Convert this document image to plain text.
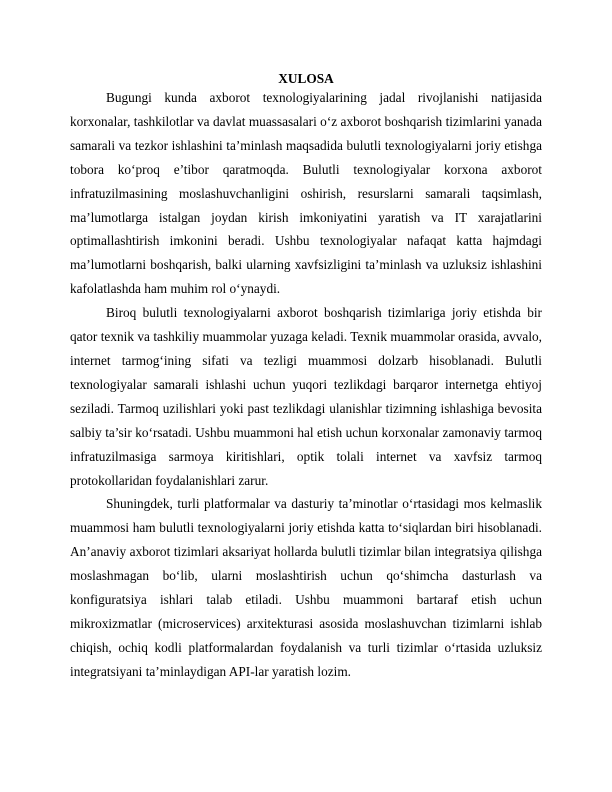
XULOSA

Bugungi kunda axborot texnologiyalarining jadal rivojlanishi natijasida korxonalar, tashkilotlar va davlat muassasalari o‘z axborot boshqarish tizimlarini yanada samarali va tezkor ishlashini ta’minlash maqsadida bulutli texnologiyalarni joriy etishga tobora ko‘proq e’tibor qaratmoqda. Bulutli texnologiyalar korxona axborot infratuzilmasining moslashuvchanligini oshirish, resurslarni samarali taqsimlash, ma’lumotlarga istalgan joydan kirish imkoniyatini yaratish va IT xarajatlarini optimallashtirish imkonini beradi. Ushbu texnologiyalar nafaqat katta hajmdagi ma’lumotlarni boshqarish, balki ularning xavfsizligini ta’minlash va uzluksiz ishlashini kafolatlashda ham muhim rol o‘ynaydi.

Biroq bulutli texnologiyalarni axborot boshqarish tizimlariga joriy etishda bir qator texnik va tashkiliy muammolar yuzaga keladi. Texnik muammolar orasida, avvalo, internet tarmog‘ining sifati va tezligi muammosi dolzarb hisoblanadi. Bulutli texnologiyalar samarali ishlashi uchun yuqori tezlikdagi barqaror internetga ehtiyoj seziladi. Tarmoq uzilishlari yoki past tezlikdagi ulanishlar tizimning ishlashiga bevosita salbiy ta’sir ko‘rsatadi. Ushbu muammoni hal etish uchun korxonalar zamonaviy tarmoq infratuzilmasiga sarmoya kiritishlari, optik tolali internet va xavfsiz tarmoq protokollaridan foydalanishlari zarur.

Shuningdek, turli platformalar va dasturiy ta’minotlar o‘rtasidagi mos kelmaslik muammosi ham bulutli texnologiyalarni joriy etishda katta to‘siqlardan biri hisoblanadi. An’anaviy axborot tizimlari aksariyat hollarda bulutli tizimlar bilan integratsiya qilishga moslashmagan bo‘lib, ularni moslashtirish uchun qo‘shimcha dasturlash va konfiguratsiya ishlari talab etiladi. Ushbu muammoni bartaraf etish uchun mikroxizmatlar (microservices) arxitekturasi asosida moslashuvchan tizimlarni ishlab chiqish, ochiq kodli platformalardan foydalanish va turli tizimlar o‘rtasida uzluksiz integratsiyani ta’minlaydigan API-lar yaratish lozim.
